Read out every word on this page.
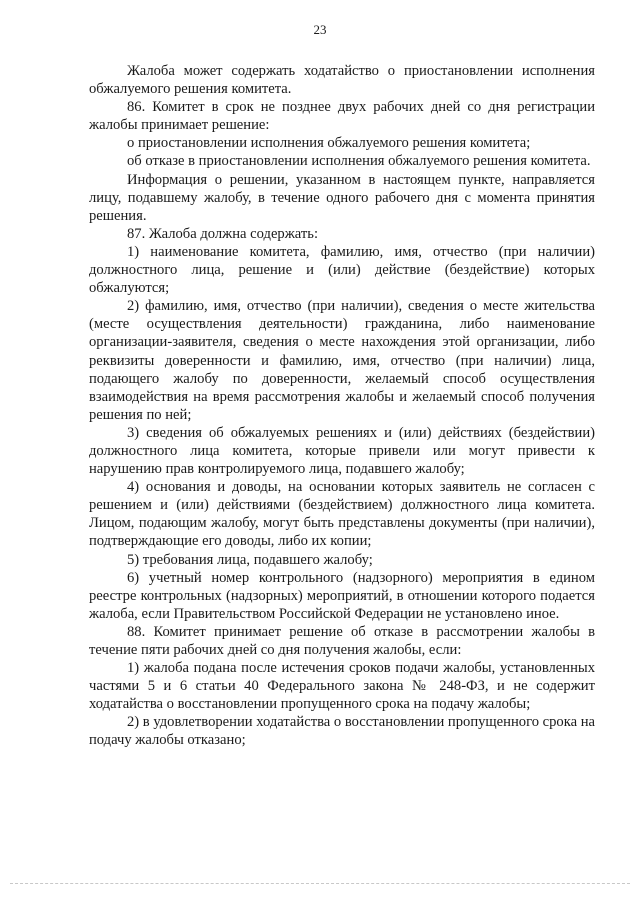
23

Жалоба может содержать ходатайство о приостановлении исполнения обжалуемого решения комитета.

86. Комитет в срок не позднее двух рабочих дней со дня регистрации жалобы принимает решение:

о приостановлении исполнения обжалуемого решения комитета;

об отказе в приостановлении исполнения обжалуемого решения комитета.

Информация о решении, указанном в настоящем пункте, направляется лицу, подавшему жалобу, в течение одного рабочего дня с момента принятия решения.

87. Жалоба должна содержать:

1) наименование комитета, фамилию, имя, отчество (при наличии) должностного лица, решение и (или) действие (бездействие) которых обжалуются;

2) фамилию, имя, отчество (при наличии), сведения о месте жительства (месте осуществления деятельности) гражданина, либо наименование организации-заявителя, сведения о месте нахождения этой организации, либо реквизиты доверенности и фамилию, имя, отчество (при наличии) лица, подающего жалобу по доверенности, желаемый способ осуществления взаимодействия на время рассмотрения жалобы и желаемый способ получения решения по ней;

3) сведения об обжалуемых решениях и (или) действиях (бездействии) должностного лица комитета, которые привели или могут привести к нарушению прав контролируемого лица, подавшего жалобу;

4) основания и доводы, на основании которых заявитель не согласен с решением и (или) действиями (бездействием) должностного лица комитета. Лицом, подающим жалобу, могут быть представлены документы (при наличии), подтверждающие его доводы, либо их копии;

5) требования лица, подавшего жалобу;

6) учетный номер контрольного (надзорного) мероприятия в едином реестре контрольных (надзорных) мероприятий, в отношении которого подается жалоба, если Правительством Российской Федерации не установлено иное.

88. Комитет принимает решение об отказе в рассмотрении жалобы в течение пяти рабочих дней со дня получения жалобы, если:

1) жалоба подана после истечения сроков подачи жалобы, установленных частями 5 и 6 статьи 40 Федерального закона № 248-ФЗ, и не содержит ходатайства о восстановлении пропущенного срока на подачу жалобы;

2) в удовлетворении ходатайства о восстановлении пропущенного срока на подачу жалобы отказано;
